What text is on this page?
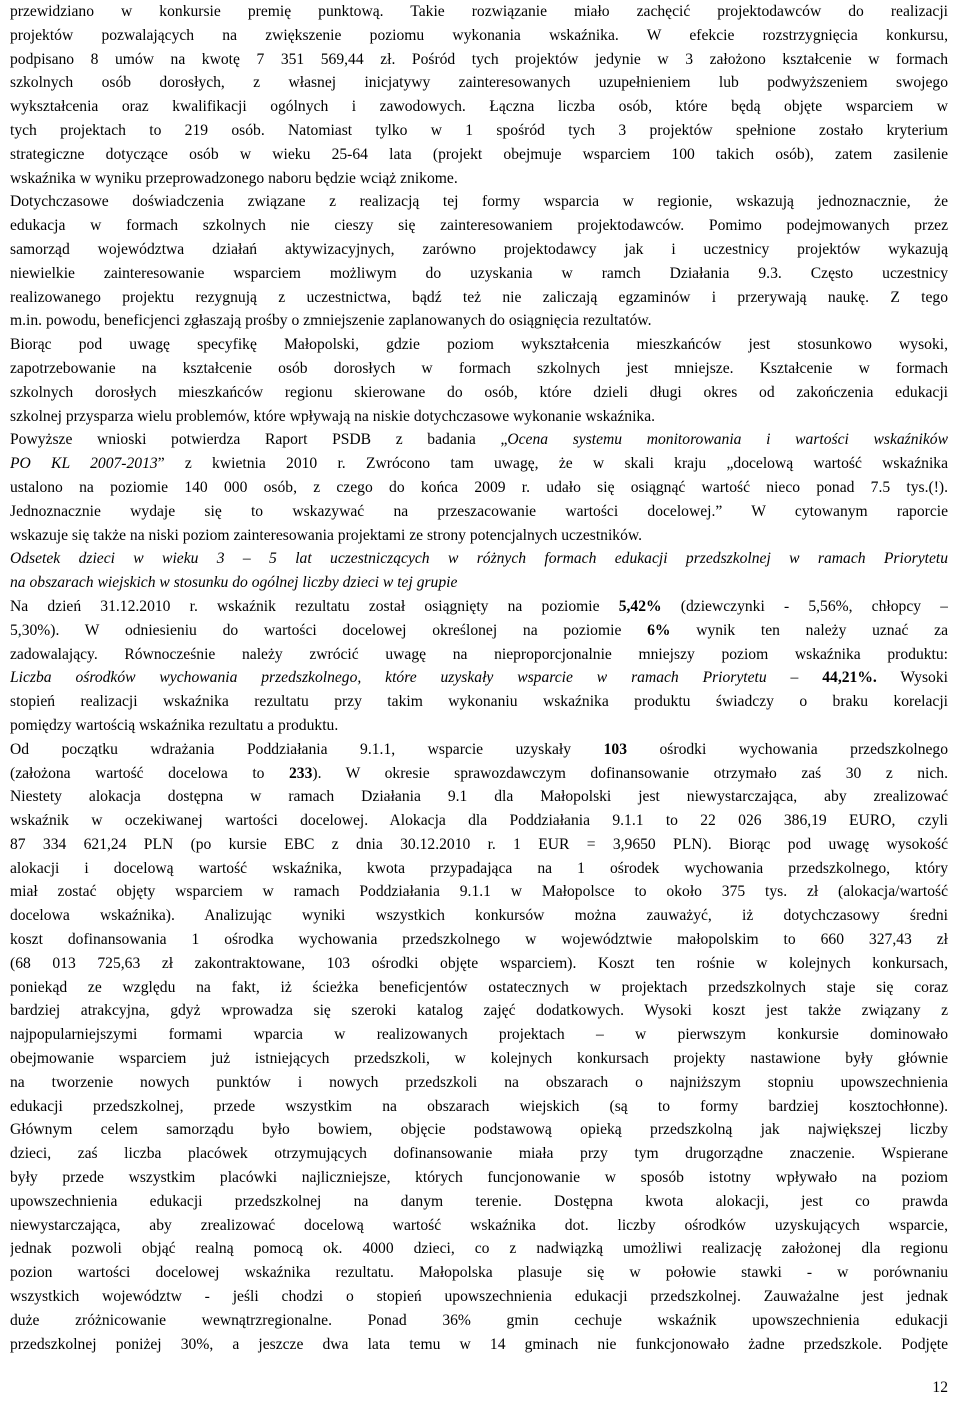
przewidziano w konkursie premię punktową. Takie rozwiązanie miało zachęcić projektodawców do realizacji
projektów pozwalających na zwiększenie poziomu wykonania wskaźnika. W efekcie rozstrzygnięcia konkursu,
podpisano 8 umów na kwotę 7 351 569,44 zł. Pośród tych projektów jedynie w 3 założono kształcenie w formach
szkolnych osób dorosłych, z własnej inicjatywy zainteresowanych uzupełnieniem lub podwyższeniem swojego
wykształcenia oraz kwalifikacji ogólnych i zawodowych. Łączna liczba osób, które będą objęte wsparciem w
tych projektach to 219 osób. Natomiast tylko w 1 spośród tych 3 projektów spełnione zostało kryterium
strategiczne dotyczące osób w wieku 25-64 lata (projekt obejmuje wsparciem 100 takich osób), zatem zasilenie
wskaźnika w wyniku przeprowadzonego naboru będzie wciąż znikome.

Dotychczasowe doświadczenia związane z realizacją tej formy wsparcia w regionie, wskazują jednoznacznie, że
edukacja w formach szkolnych nie cieszy się zainteresowaniem projektodawców. Pomimo podejmowanych przez
samorząd województwa działań aktywizacyjnych, zarówno projektodawcy jak i uczestnicy projektów wykazują
niewielkie zainteresowanie wsparciem możliwym do uzyskania w ramch Działania 9.3. Często uczestnicy
realizowanego projektu rezygnują z uczestnictwa, bądź też nie zaliczają egzaminów i przerywają naukę. Z tego
m.in. powodu, beneficjenci zgłaszają prośby o zmniejszenie zaplanowanych do osiągnięcia rezultatów.

Biorąc pod uwagę specyfikę Małopolski, gdzie poziom wykształcenia mieszkańców jest stosunkowo wysoki,
zapotrzebowanie na kształcenie osób dorosłych w formach szkolnych jest mniejsze. Kształcenie w formach
szkolnych dorosłych mieszkańców regionu skierowane do osób, które dzieli długi okres od zakończenia edukacji
szkolnej przysparza wielu problemów, które wpływają na niskie dotychczasowe wykonanie wskaźnika.

Powyższe wnioski potwierdza Raport PSDB z badania „Ocena systemu monitorowania i wartości wskaźników
PO KL 2007-2013” z kwietnia 2010 r. Zwrócono tam uwagę, że w skali kraju „docelową wartość wskaźnika
ustalono na poziomie 140 000 osób, z czego do końca 2009 r. udało się osiągnąć wartość nieco ponad 7.5 tys.(!).
Jednoznacznie wydaje się to wskazywać na przeszacowanie wartości docelowej.” W cytowanym raporcie
wskazuje się także na niski poziom zainteresowania projektami ze strony potencjalnych uczestników.

Odsetek dzieci w wieku 3 – 5 lat uczestniczących w różnych formach edukacji przedszkolnej w ramach Priorytetu
na obszarach wiejskich w stosunku do ogólnej liczby dzieci w tej grupie

Na dzień 31.12.2010 r. wskaźnik rezultatu został osiągnięty na poziomie 5,42% (dziewczynki - 5,56%, chłopcy –
5,30%). W odniesieniu do wartości docelowej określonej na poziomie 6% wynik ten należy uznać za
zadowalający. Równocześnie należy zwrócić uwagę na nieproporcjonalnie mniejszy poziom wskaźnika produktu:
Liczba ośrodków wychowania przedszkolnego, które uzyskały wsparcie w ramach Priorytetu – 44,21%. Wysoki
stopień realizacji wskaźnika rezultatu przy takim wykonaniu wskaźnika produktu świadczy o braku korelacji
pomiędzy wartością wskaźnika rezultatu a produktu.

Od początku wdrażania Poddziałania 9.1.1, wsparcie uzyskały 103 ośrodki wychowania przedszkolnego
(założona wartość docelowa to 233). W okresie sprawozdawczym dofinansowanie otrzymało zaś 30 z nich.
Niestety alokacja dostępna w ramach Działania 9.1 dla Małopolski jest niewystarczająca, aby zrealizować
wskaźnik w oczekiwanej wartości docelowej. Alokacja dla Poddziałania 9.1.1 to 22 026 386,19 EURO, czyli
87 334 621,24 PLN (po kursie EBC z dnia 30.12.2010 r. 1 EUR = 3,9650 PLN). Biorąc pod uwagę wysokość
alokacji i docelową wartość wskaźnika, kwota przypadająca na 1 ośrodek wychowania przedszkolnego, który
miał zostać objęty wsparciem w ramach Poddziałania 9.1.1 w Małopolsce to około 375 tys. zł (alokacja/wartość
docelowa wskaźnika). Analizując wyniki wszystkich konkursów można zauważyć, iż dotychczasowy średni
koszt dofinansowania 1 ośrodka wychowania przedszkolnego w województwie małopolskim to 660 327,43 zł
(68 013 725,63 zł zakontraktowane, 103 ośrodki objęte wsparciem). Koszt ten rośnie w kolejnych konkursach,
poniekąd ze względu na fakt, iż ścieżka beneficjentów ostatecznych w projektach przedszkolnych staje się coraz
bardziej atrakcyjna, gdyż wprowadza się szeroki katalog zajęć dodatkowych. Wysoki koszt jest także związany z
najpopularniejszymi formami wparcia w realizowanych projektach – w pierwszym konkursie dominowało
obejmowanie wsparciem już istniejących przedszkoli, w kolejnych konkursach projekty nastawione były głównie
na tworzenie nowych punktów i nowych przedszkoli na obszarach o najniższym stopniu upowszechnienia
edukacji przedszkolnej, przede wszystkim na obszarach wiejskich (są to formy bardziej kosztochłonne).
Głównym celem samorządu było bowiem, objęcie podstawową opieką przedszkolną jak największej liczby
dzieci, zaś liczba placówek otrzymujących dofinansowanie miała przy tym drugorządne znaczenie. Wspierane
były przede wszystkim placówki najliczniejsze, których funcjonowanie w sposób istotny wpływało na poziom
upowszechnienia edukacji przedszkolnej na danym terenie. Dostępna kwota alokacji, jest co prawda
niewystarczająca, aby zrealizować docelową wartość wskaźnika dot. liczby ośrodków uzyskujących wsparcie,
jednak pozwoli objąć realną pomocą ok. 4000 dzieci, co z nadwiązką umożliwi realizację założonej dla regionu
pozion wartości docelowej wskaźnika rezultatu. Małopolska plasuje się w połowie stawki - w porównaniu
wszystkich województw - jeśli chodzi o stopień upowszechnienia edukacji przedszkolnej. Zauważalne jest jednak
duże zróżnicowanie wewnątrzregionalne. Ponad 36% gmin cechuje wskaźnik upowszechnienia edukacji
przedszkolnej poniżej 30%, a jeszcze dwa lata temu w 14 gminach nie funkcjonowało żadne przedszkole. Podjęte

12
